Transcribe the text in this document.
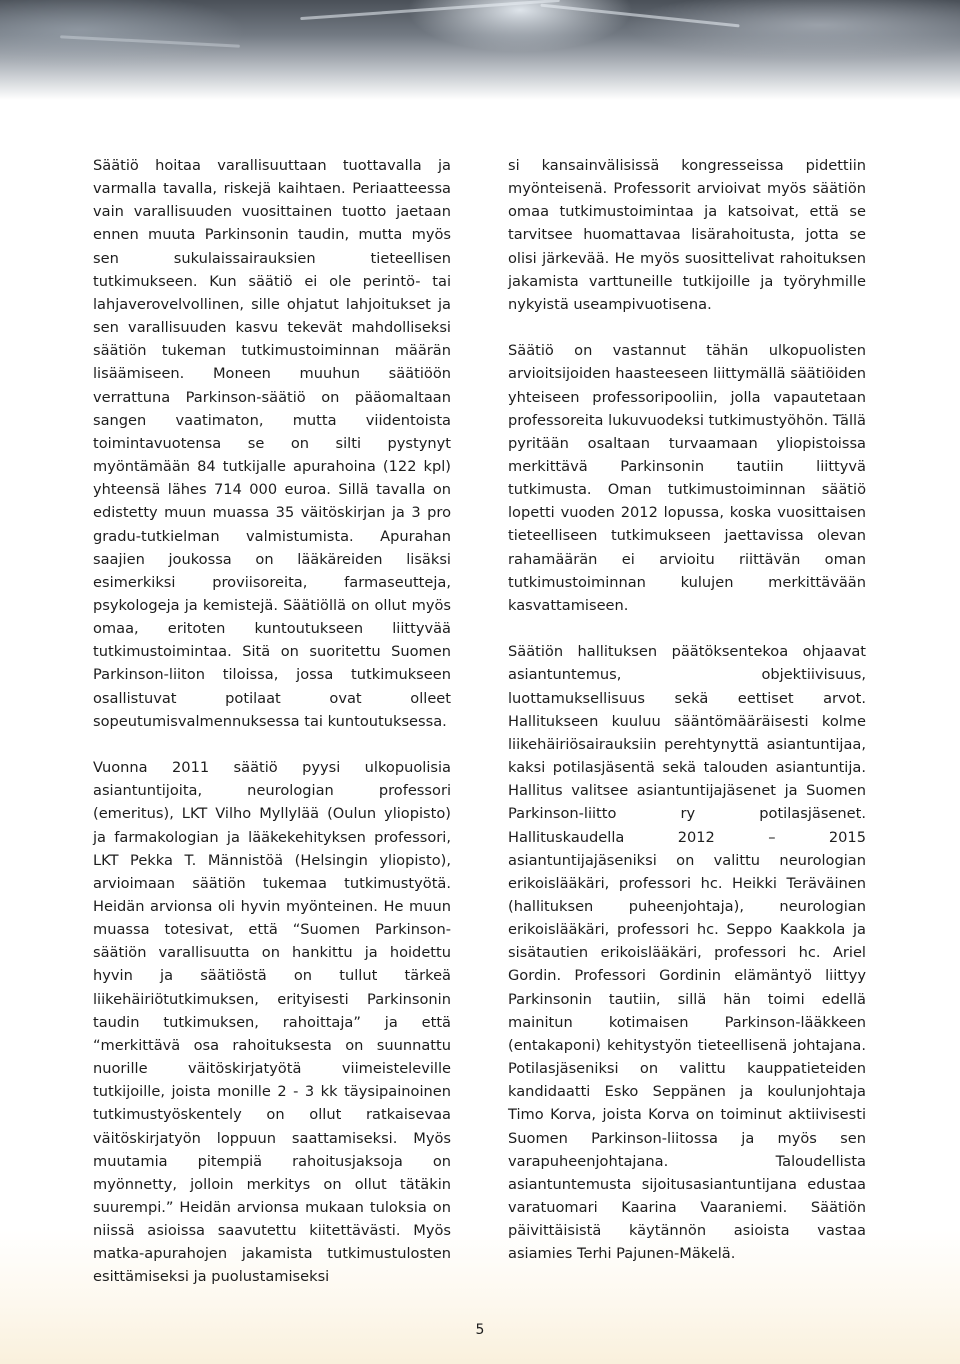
Säätiö hoitaa varallisuuttaan tuottavalla ja varmalla tavalla, riskejä kaihtaen. Periaatteessa vain varallisuuden vuosittainen tuotto jaetaan ennen muuta Parkinsonin taudin, mutta myös sen sukulaissairauksien tieteellisen tutkimukseen. Kun säätiö ei ole perintö- tai lahjaverovelvollinen, sille ohjatut lahjoitukset ja sen varallisuuden kasvu tekevät mahdolliseksi säätiön tukeman tutkimustoiminnan määrän lisäämiseen. Moneen muuhun säätiöön verrattuna Parkinson-säätiö on pääomaltaan sangen vaatimaton, mutta viidentoista toimintavuotensa se on silti pystynyt myöntämään 84 tutkijalle apurahoina (122 kpl) yhteensä lähes 714 000 euroa. Sillä tavalla on edistetty muun muassa 35 väitöskirjan ja 3 pro gradu-tutkielman valmistumista. Apurahan saajien joukossa on lääkäreiden lisäksi esimerkiksi proviisoreita, farmaseutteja, psykologeja ja kemistejä. Säätiöllä on ollut myös omaa, eritoten kuntoutukseen liittyvää tutkimustoimintaa. Sitä on suoritettu Suomen Parkinson-liiton tiloissa, jossa tutkimukseen osallistuvat potilaat ovat olleet sopeutumisvalmennuksessa tai kuntoutuksessa.

Vuonna 2011 säätiö pyysi ulkopuolisia asiantuntijoita, neurologian professori (emeritus), LKT Vilho Myllylää (Oulun yliopisto) ja farmakologian ja lääkekehityksen professori, LKT Pekka T. Männistöä (Helsingin yliopisto), arvioimaan säätiön tukemaa tutkimustyötä. Heidän arvionsa oli hyvin myönteinen. He muun muassa totesivat, että “Suomen Parkinson-säätiön varallisuutta on hankittu ja hoidettu hyvin ja säätiöstä on tullut tärkeä liikehäiriötutkimuksen, erityisesti Parkinsonin taudin tutkimuksen, rahoittaja” ja että “merkittävä osa rahoituksesta on suunnattu nuorille väitöskirjatyötä viimeisteleville tutkijoille, joista monille 2 - 3 kk täysipainoinen tutkimustyöskentely on ollut ratkaisevaa väitöskirjatyön loppuun saattamiseksi. Myös muutamia pitempiä rahoitusjaksoja on myönnetty, jolloin merkitys on ollut tätäkin suurempi.” Heidän arvionsa mukaan tuloksia on niissä asioissa saavutettu kiitettävästi. Myös matka-apurahojen jakamista tutkimustulosten esittämiseksi ja puolustamiseksi

si kansainvälisissä kongresseissa pidettiin myönteisenä. Professorit arvioivat myös säätiön omaa tutkimustoimintaa ja katsoivat, että se tarvitsee huomattavaa lisärahoitusta, jotta se olisi järkevää. He myös suosittelivat rahoituksen jakamista varttuneille tutkijoille ja työryhmille nykyistä useampivuotisena.

Säätiö on vastannut tähän ulkopuolisten arvioitsijoiden haasteeseen liittymällä säätiöiden yhteiseen professoripooliin, jolla vapautetaan professoreita lukuvuodeksi tutkimustyöhön. Tällä pyritään osaltaan turvaamaan yliopistoissa merkittävä Parkinsonin tautiin liittyvä tutkimusta. Oman tutkimustoiminnan säätiö lopetti vuoden 2012 lopussa, koska vuosittaisen tieteelliseen tutkimukseen jaettavissa olevan rahamäärän ei arvioitu riittävän oman tutkimustoiminnan kulujen merkittävään kasvattamiseen.

Säätiön hallituksen päätöksentekoa ohjaavat asiantuntemus, objektiivisuus, luottamuksellisuus sekä eettiset arvot. Hallitukseen kuuluu sääntömääräisesti kolme liikehäiriösairauksiin perehtynyttä asiantuntijaa, kaksi potilasjäsentä sekä talouden asiantuntija. Hallitus valitsee asiantuntijajäsenet ja Suomen Parkinson-liitto ry potilasjäsenet. Hallituskaudella 2012 – 2015 asiantuntijajäseniksi on valittu neurologian erikoislääkäri, professori hc. Heikki Teräväinen (hallituksen puheenjohtaja), neurologian erikoislääkäri, professori hc. Seppo Kaakkola ja sisätautien erikoislääkäri, professori hc. Ariel Gordin. Professori Gordinin elämäntyö liittyy Parkinsonin tautiin, sillä hän toimi edellä mainitun kotimaisen Parkinson-lääkkeen (entakaponi) kehitystyön tieteellisenä johtajana. Potilasjäseniksi on valittu kauppatieteiden kandidaatti Esko Seppänen ja koulunjohtaja Timo Korva, joista Korva on toiminut aktiivisesti Suomen Parkinson-liitossa ja myös sen varapuheenjohtajana. Taloudellista asiantuntemusta sijoitusasiantuntijana edustaa varatuomari Kaarina Vaaraniemi. Säätiön päivittäisistä käytännön asioista vastaa asiamies Terhi Pajunen-Mäkelä.

5
